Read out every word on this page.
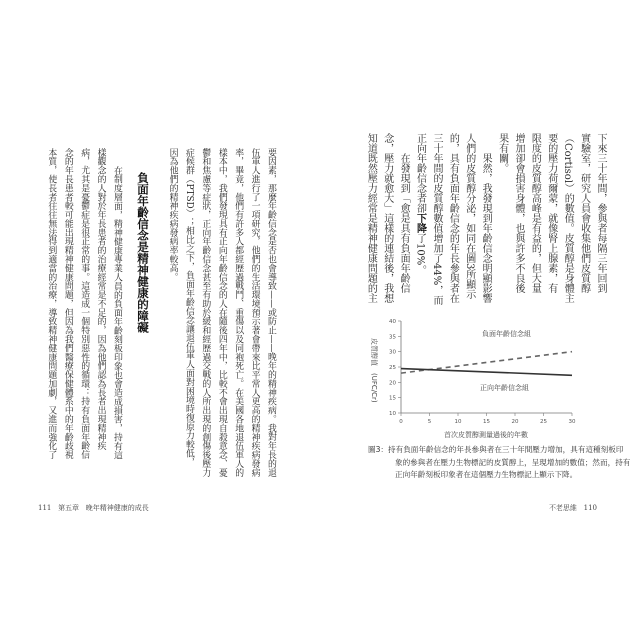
下來三十年間，參與者每隔三年回到
實驗室，研究人員會收集他們皮質醇
（Cortisol）的數值。皮質醇是身體主
要的壓力荷爾蒙，就像腎上腺素，有
限度的皮質醇高峰是有益的，但大量
增加卻會損害身體，也與許多不良後
果有關。
果然，我發現到年齡信念明顯影響
人們的皮質醇分泌，如同在圖3所顯示
的，具有負面年齡信念的年長參與者在
三十年間的皮質醇數值增加了44%，而
正向年齡信念者卻下降了10%。
在發現到「愈是具有負面年齡信
念，壓力就愈大」這樣的連結後，我想
知道既然壓力經常是精神健康問題的主
10
15
20
25
30
35
40
0	5	10	15	20	25	30
皮質醇值　(UFC/Cr)
首次皮質醇測量過後的年數
負面年齡信念組
正向年齡信念組
圖3：持有負面年齡信念的年長參與者在三十年間壓力增加，具有這種刻板印
象的參與者在壓力生物標記的皮質醇上，呈現增加的數值；然而，持有
正向年齡刻板印象者在這個壓力生物標記上顯示下降。
要因素，那麼年齡信念是否也會導致——或防止——晚年的精神疾病。我對年長的退
伍軍人進行了一項研究，他們的生活環境預示著會帶來比平常人更高的精神疾病發病
率，畢竟，他們有許多人都經歷過戰鬥、重傷以及同袍死亡。在美國各地退伍軍人的
樣本中，我們發現具有正向年齡信念的人在隨後四年中，比較不會出現自殺意念、憂
鬱和焦慮等症狀，正向年齡信念甚至有助於緩和經歷過交戰的人所出現的創傷後壓力
症候群（PTSD）；相比之下，負面年齡信念讓退伍軍人面對困境時復原力較低，
因為他們的精神疾病發病率較高。
負面年齡信念是精神健康的障礙
在制度層面，精神健康專業人員的負面年齡刻板印象也會造成損害，持有這
樣觀念的人對於年長患者的治療經常是不足的，因為他們認為長者出現精神疾
病，尤其是憂鬱症是很正常的事。這造成一個特別惡性的循環：持有負面年齡信
念的年長患者較可能出現精神健康問題，但因為我們醫療保健體系中的年齡歧視
本質，使長者往往無法得到適當的治療，導致精神健康問題加劇，又進而強化了
111 第五章 晚年精神健康的成長	不老思維 110
